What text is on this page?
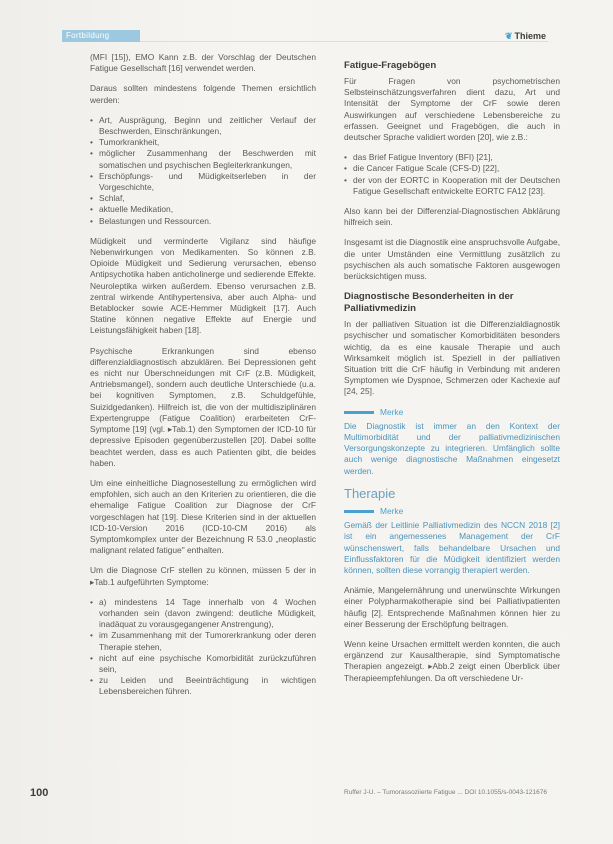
Fortbildung	❦ Thieme

(MFI [15]), EMO Kann z.B. der Vorschlag der Deutschen Fatigue Gesellschaft [16] verwendet werden.

Daraus sollten mindestens folgende Themen ersichtlich werden:

• Art, Ausprägung, Beginn und zeitlicher Verlauf der Beschwerden, Einschränkungen,
• Tumorkrankheit,
• möglicher Zusammenhang der Beschwerden mit somatischen und psychischen Begleiterkrankungen,
• Erschöpfungs- und Müdigkeitserleben in der Vorgeschichte,
• Schlaf,
• aktuelle Medikation,
• Belastungen und Ressourcen.

Müdigkeit und verminderte Vigilanz sind häufige Nebenwirkungen von Medikamenten. So können z.B. Opioide Müdigkeit und Sedierung verursachen, ebenso Antipsychotika haben anticholinerge und sedierende Effekte. Neuroleptika wirken außerdem. Ebenso verursachen z.B. zentral wirkende Antihypertensiva, aber auch Alpha- und Betablocker sowie ACE-Hemmer Müdigkeit [17]. Auch Statine können negative Effekte auf Energie und Leistungsfähigkeit haben [18].

Psychische Erkrankungen sind ebenso differenzialdiagnostisch abzuklären. Bei Depressionen geht es nicht nur Überschneidungen mit CrF (z.B. Müdigkeit, Antriebsmangel), sondern auch deutliche Unterschiede (u.a. bei kognitiven Symptomen, z.B. Schuldgefühle, Suizidgedanken). Hilfreich ist, die von der multidisziplinären Expertengruppe (Fatigue Coalition) erarbeiteten CrF-Symptome [19] (vgl. ▸Tab.1) den Symptomen der ICD-10 für depressive Episoden gegenüberzustellen [20]. Dabei sollte beachtet werden, dass es auch Patienten gibt, die beides haben.

Um eine einheitliche Diagnosestellung zu ermöglichen wird empfohlen, sich auch an den Kriterien zu orientieren, die die ehemalige Fatigue Coalition zur Diagnose der CrF vorgeschlagen hat [19]. Diese Kriterien sind in der aktuellen ICD-10-Version 2016 (ICD-10-CM 2016) als Symptomkomplex unter der Bezeichnung R 53.0 „neoplastic malignant related fatigue" enthalten.

Um die Diagnose CrF stellen zu können, müssen 5 der in ▸Tab.1 aufgeführten Symptome:

• a) mindestens 14 Tage innerhalb von 4 Wochen vorhanden sein (davon zwingend: deutliche Müdigkeit, inadäquat zu vorausgegangener Anstrengung),
• im Zusammenhang mit der Tumorerkrankung oder deren Therapie stehen,
• nicht auf eine psychische Komorbidität zurückzuführen sein,
• zu Leiden und Beeinträchtigung in wichtigen Lebensbereichen führen.
Fatigue-Fragebögen

Für Fragen von psychometrischen Selbsteinschätzungsverfahren dient dazu, Art und Intensität der Symptome der CrF sowie deren Auswirkungen auf verschiedene Lebensbereiche zu erfassen. Geeignet und Fragebögen, die auch in deutscher Sprache validiert worden [20], wie z.B.:

• das Brief Fatigue Inventory (BFI) [21],
• die Cancer Fatigue Scale (CFS-D) [22],
• der von der EORTC in Kooperation mit der Deutschen Fatigue Gesellschaft entwickelte EORTC FA12 [23].

Also kann bei der Differenzial-Diagnostischen Abklärung hilfreich sein.

Insgesamt ist die Diagnostik eine anspruchsvolle Aufgabe, die unter Umständen eine Vermittlung zusätzlich zu psychischen als auch somatische Faktoren ausgewogen berücksichtigen muss.

Diagnostische Besonderheiten in der Palliativmedizin

In der palliativen Situation ist die Differenzialdiagnostik psychischer und somatischer Komorbiditäten besonders wichtig, da es eine kausale Therapie und auch Wirksamkeit möglich ist. Speziell in der palliativen Situation tritt die CrF häufig in Verbindung mit anderen Symptomen wie Dyspnoe, Schmerzen oder Kachexie auf [24, 25].

Merke

Die Diagnostik ist immer an den Kontext der Multimorbidität und der palliativmedizinischen Versorgungskonzepte zu integrieren. Umfänglich sollte auch wenige diagnostische Maßnahmen eingesetzt werden.

Therapie
Merke

Gemäß der Leitlinie Palliativmedizin des NCCN 2018 [2] ist ein angemessenes Management der CrF wünschenswert, falls behandelbare Ursachen und Einflussfaktoren für die Müdigkeit identifiziert werden können, sollten diese vorrangig therapiert werden.

Anämie, Mangelernährung und unerwünschte Wirkungen einer Polypharmakotherapie sind bei Palliativpatienten häufig [2]. Entsprechende Maßnahmen können hier zu einer Besserung der Erschöpfung beitragen.

Wenn keine Ursachen ermittelt werden konnten, die auch ergänzend zur Kausaltherapie, sind Symptomatische Therapien angezeigt. ▸Abb.2 zeigt einen Überblick über Therapieempfehlungen. Da oft verschiedene Ur-

100	Ruffer J-U. – Tumorassoziierte Fatigue ... DOI 10.1055/s-0043-121676
